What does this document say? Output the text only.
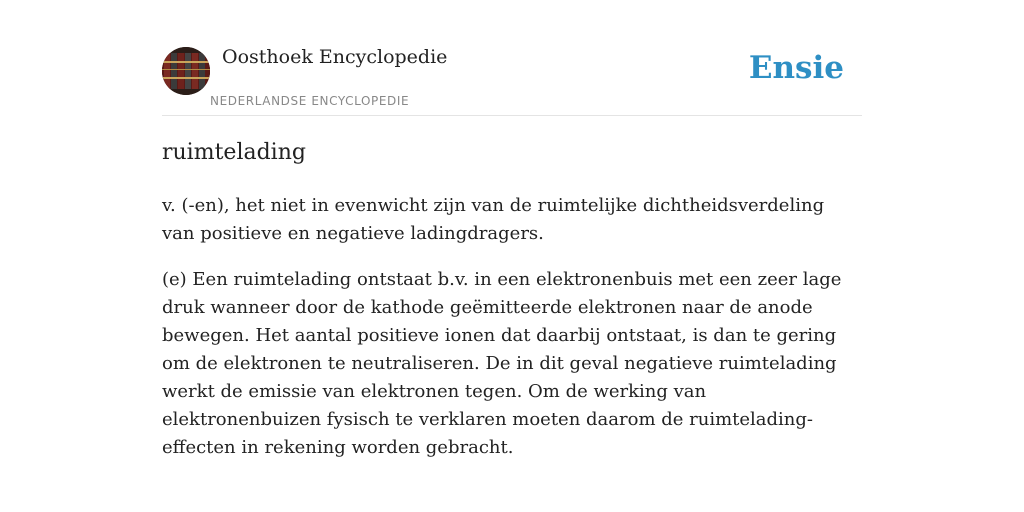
Oosthoek Encyclopedie
NEDERLANDSE ENCYCLOPEDIE
Ensie
ruimtelading

v. (-en), het niet in evenwicht zijn van de ruimtelijke dichtheidsverdeling van positieve en negatieve ladingdragers.

(e) Een ruimtelading ontstaat b.v. in een elektronenbuis met een zeer lage druk wanneer door de kathode geëmitteerde elektronen naar de anode bewegen. Het aantal positieve ionen dat daarbij ontstaat, is dan te gering om de elektronen te neutraliseren. De in dit geval negatieve ruimtelading werkt de emissie van elektronen tegen. Om de werking van elektronenbuizen fysisch te verklaren moeten daarom de ruimtelading-effecten in rekening worden gebracht.
